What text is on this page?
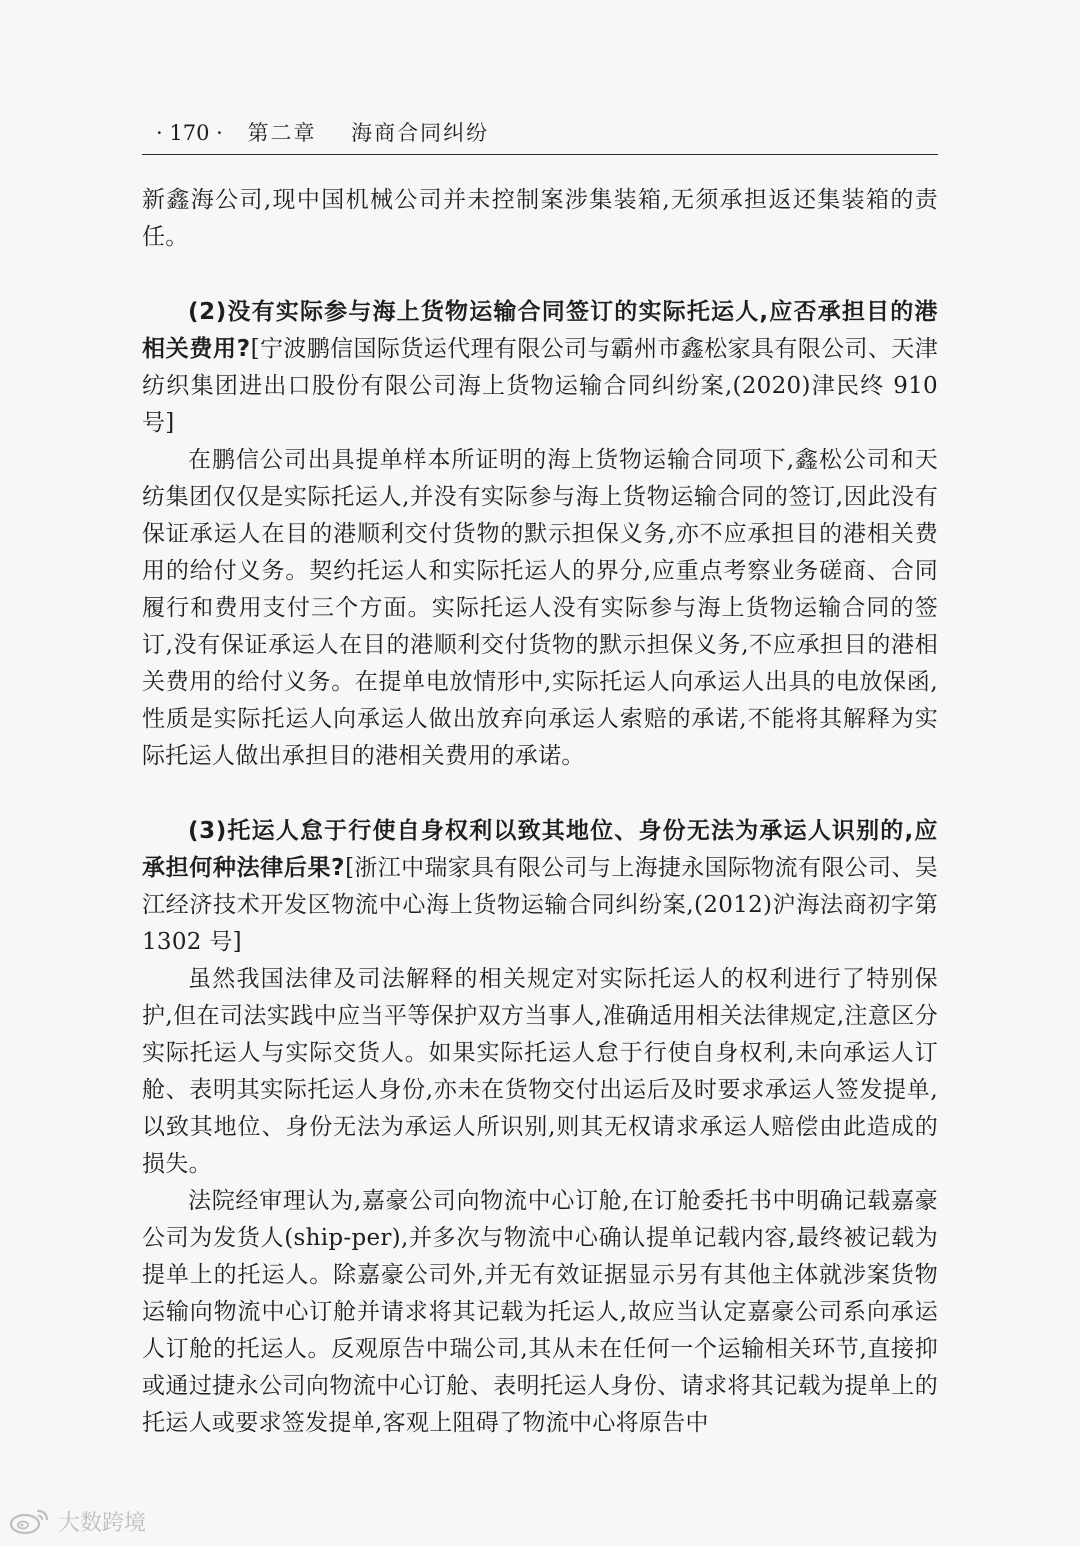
· 170 · 第二章 海商合同纠纷

新鑫海公司,现中国机械公司并未控制案涉集装箱,无须承担返还集装箱的责任。

(2)没有实际参与海上货物运输合同签订的实际托运人,应否承担目的港相关费用?[宁波鹏信国际货运代理有限公司与霸州市鑫松家具有限公司、天津纺织集团进出口股份有限公司海上货物运输合同纠纷案,(2020)津民终 910 号]

在鹏信公司出具提单样本所证明的海上货物运输合同项下,鑫松公司和天纺集团仅仅是实际托运人,并没有实际参与海上货物运输合同的签订,因此没有保证承运人在目的港顺利交付货物的默示担保义务,亦不应承担目的港相关费用的给付义务。契约托运人和实际托运人的界分,应重点考察业务磋商、合同履行和费用支付三个方面。实际托运人没有实际参与海上货物运输合同的签订,没有保证承运人在目的港顺利交付货物的默示担保义务,不应承担目的港相关费用的给付义务。在提单电放情形中,实际托运人向承运人出具的电放保函,性质是实际托运人向承运人做出放弃向承运人索赔的承诺,不能将其解释为实际托运人做出承担目的港相关费用的承诺。

(3)托运人怠于行使自身权利以致其地位、身份无法为承运人识别的,应承担何种法律后果?[浙江中瑞家具有限公司与上海捷永国际物流有限公司、吴江经济技术开发区物流中心海上货物运输合同纠纷案,(2012)沪海法商初字第 1302 号]

虽然我国法律及司法解释的相关规定对实际托运人的权利进行了特别保护,但在司法实践中应当平等保护双方当事人,准确适用相关法律规定,注意区分实际托运人与实际交货人。如果实际托运人怠于行使自身权利,未向承运人订舱、表明其实际托运人身份,亦未在货物交付出运后及时要求承运人签发提单,以致其地位、身份无法为承运人所识别,则其无权请求承运人赔偿由此造成的损失。

法院经审理认为,嘉豪公司向物流中心订舱,在订舱委托书中明确记载嘉豪公司为发货人(ship-per),并多次与物流中心确认提单记载内容,最终被记载为提单上的托运人。除嘉豪公司外,并无有效证据显示另有其他主体就涉案货物运输向物流中心订舱并请求将其记载为托运人,故应当认定嘉豪公司系向承运人订舱的托运人。反观原告中瑞公司,其从未在任何一个运输相关环节,直接抑或通过捷永公司向物流中心订舱、表明托运人身份、请求将其记载为提单上的托运人或要求签发提单,客观上阻碍了物流中心将原告中

大数跨境
